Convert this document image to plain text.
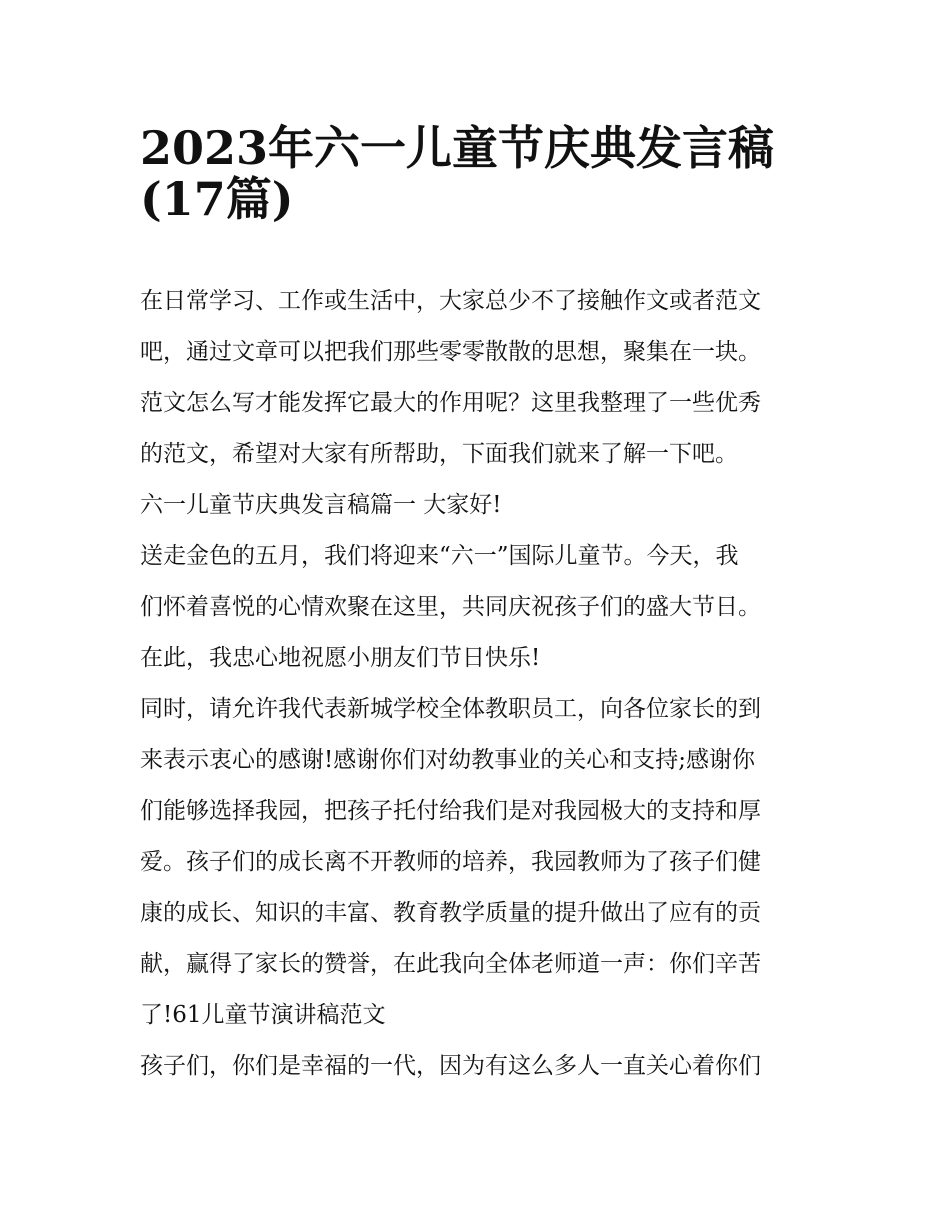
2023年六一儿童节庆典发言稿
(17篇)
在日常学习、工作或生活中，大家总少不了接触作文或者范文
吧，通过文章可以把我们那些零零散散的思想，聚集在一块。
范文怎么写才能发挥它最大的作用呢？这里我整理了一些优秀
的范文，希望对大家有所帮助，下面我们就来了解一下吧。
六一儿童节庆典发言稿篇一 大家好!
送走金色的五月，我们将迎来“六一”国际儿童节。今天，我
们怀着喜悦的心情欢聚在这里，共同庆祝孩子们的盛大节日。
在此，我忠心地祝愿小朋友们节日快乐!
同时，请允许我代表新城学校全体教职员工，向各位家长的到
来表示衷心的感谢!感谢你们对幼教事业的关心和支持;感谢你
们能够选择我园，把孩子托付给我们是对我园极大的支持和厚
爱。孩子们的成长离不开教师的培养，我园教师为了孩子们健
康的成长、知识的丰富、教育教学质量的提升做出了应有的贡
献，赢得了家长的赞誉，在此我向全体老师道一声：你们辛苦
了!61儿童节演讲稿范文
孩子们，你们是幸福的一代，因为有这么多人一直关心着你们
